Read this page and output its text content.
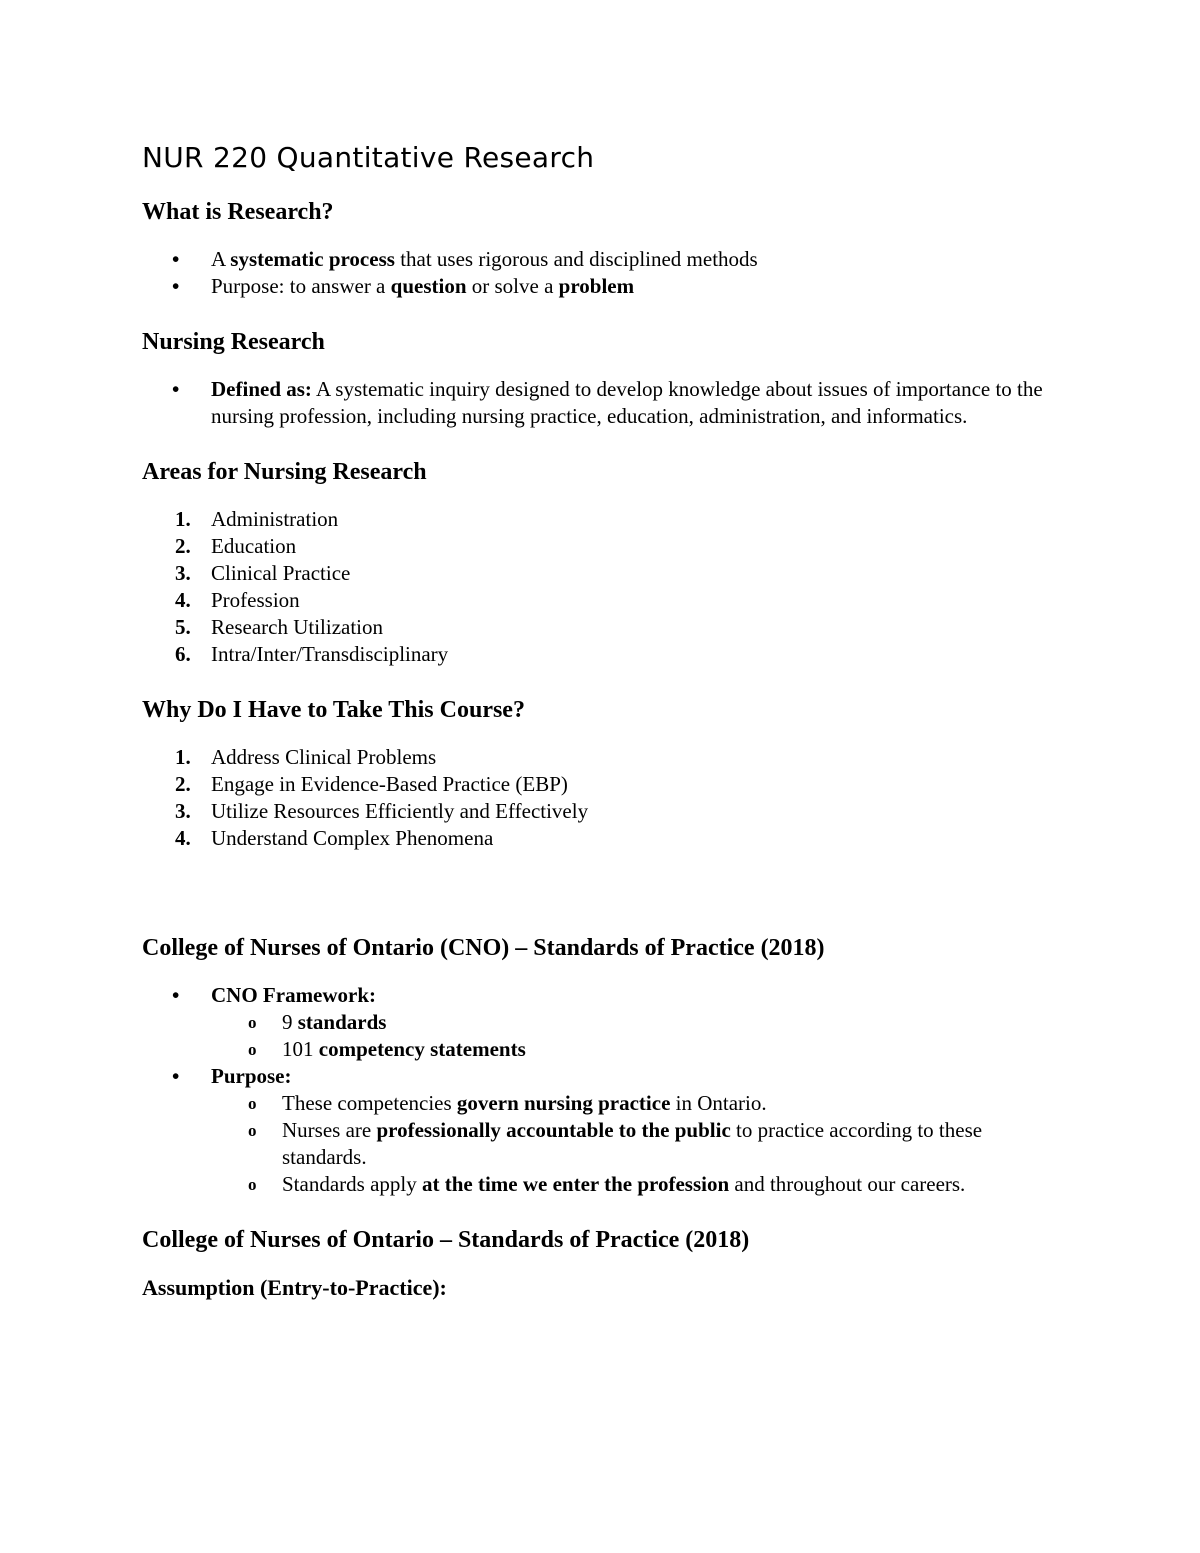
NUR 220 Quantitative Research
What is Research?
• A systematic process that uses rigorous and disciplined methods
• Purpose: to answer a question or solve a problem
Nursing Research
• Defined as: A systematic inquiry designed to develop knowledge about issues of importance to the nursing profession, including nursing practice, education, administration, and informatics.
Areas for Nursing Research
1. Administration
2. Education
3. Clinical Practice
4. Profession
5. Research Utilization
6. Intra/Inter/Transdisciplinary
Why Do I Have to Take This Course?
1. Address Clinical Problems
2. Engage in Evidence-Based Practice (EBP)
3. Utilize Resources Efficiently and Effectively
4. Understand Complex Phenomena
College of Nurses of Ontario (CNO) – Standards of Practice (2018)
• CNO Framework:
o 9 standards
o 101 competency statements
• Purpose:
o These competencies govern nursing practice in Ontario.
o Nurses are professionally accountable to the public to practice according to these standards.
o Standards apply at the time we enter the profession and throughout our careers.
College of Nurses of Ontario – Standards of Practice (2018)
Assumption (Entry-to-Practice):
